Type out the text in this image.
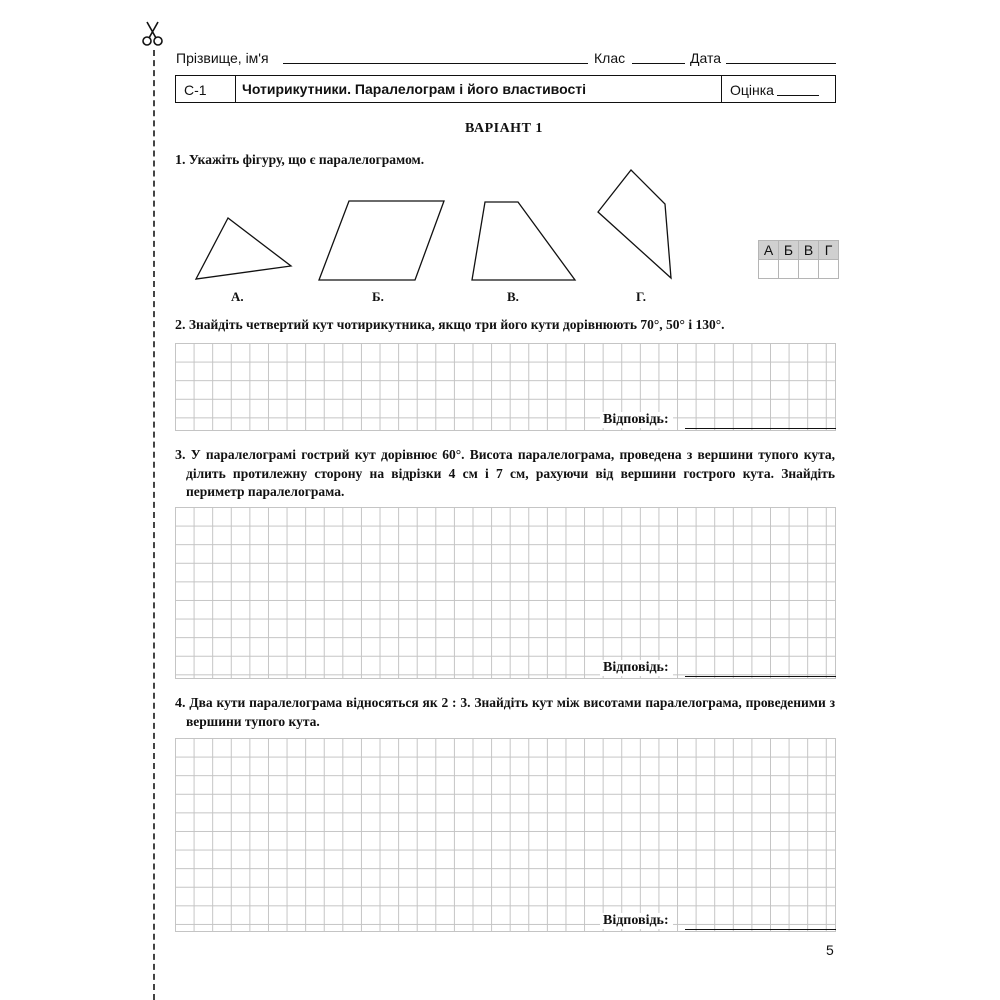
Прізвище, ім'я	Клас	Дата
С-1	Чотирикутники. Паралелограм і його властивості	Оцінка
ВАРІАНТ 1
1. Укажіть фігуру, що є паралелограмом.
А.	Б.	В.	Г.
А	Б	В	Г

2. Знайдіть четвертий кут чотирикутника, якщо три його кути дорівнюють 70°, 50° і 130°.
Відповідь:
3. У паралелограмі гострий кут дорівнює 60°. Висота паралелограма, проведена з вершини тупого кута, ділить протилежну сторону на відрізки 4 см і 7 см, рахуючи від вершини гострого кута. Знайдіть периметр паралелограма.
Відповідь:
4. Два кути паралелограма відносяться як 2 : 3. Знайдіть кут між висотами паралелограма, проведеними з вершини тупого кута.
Відповідь:
5
